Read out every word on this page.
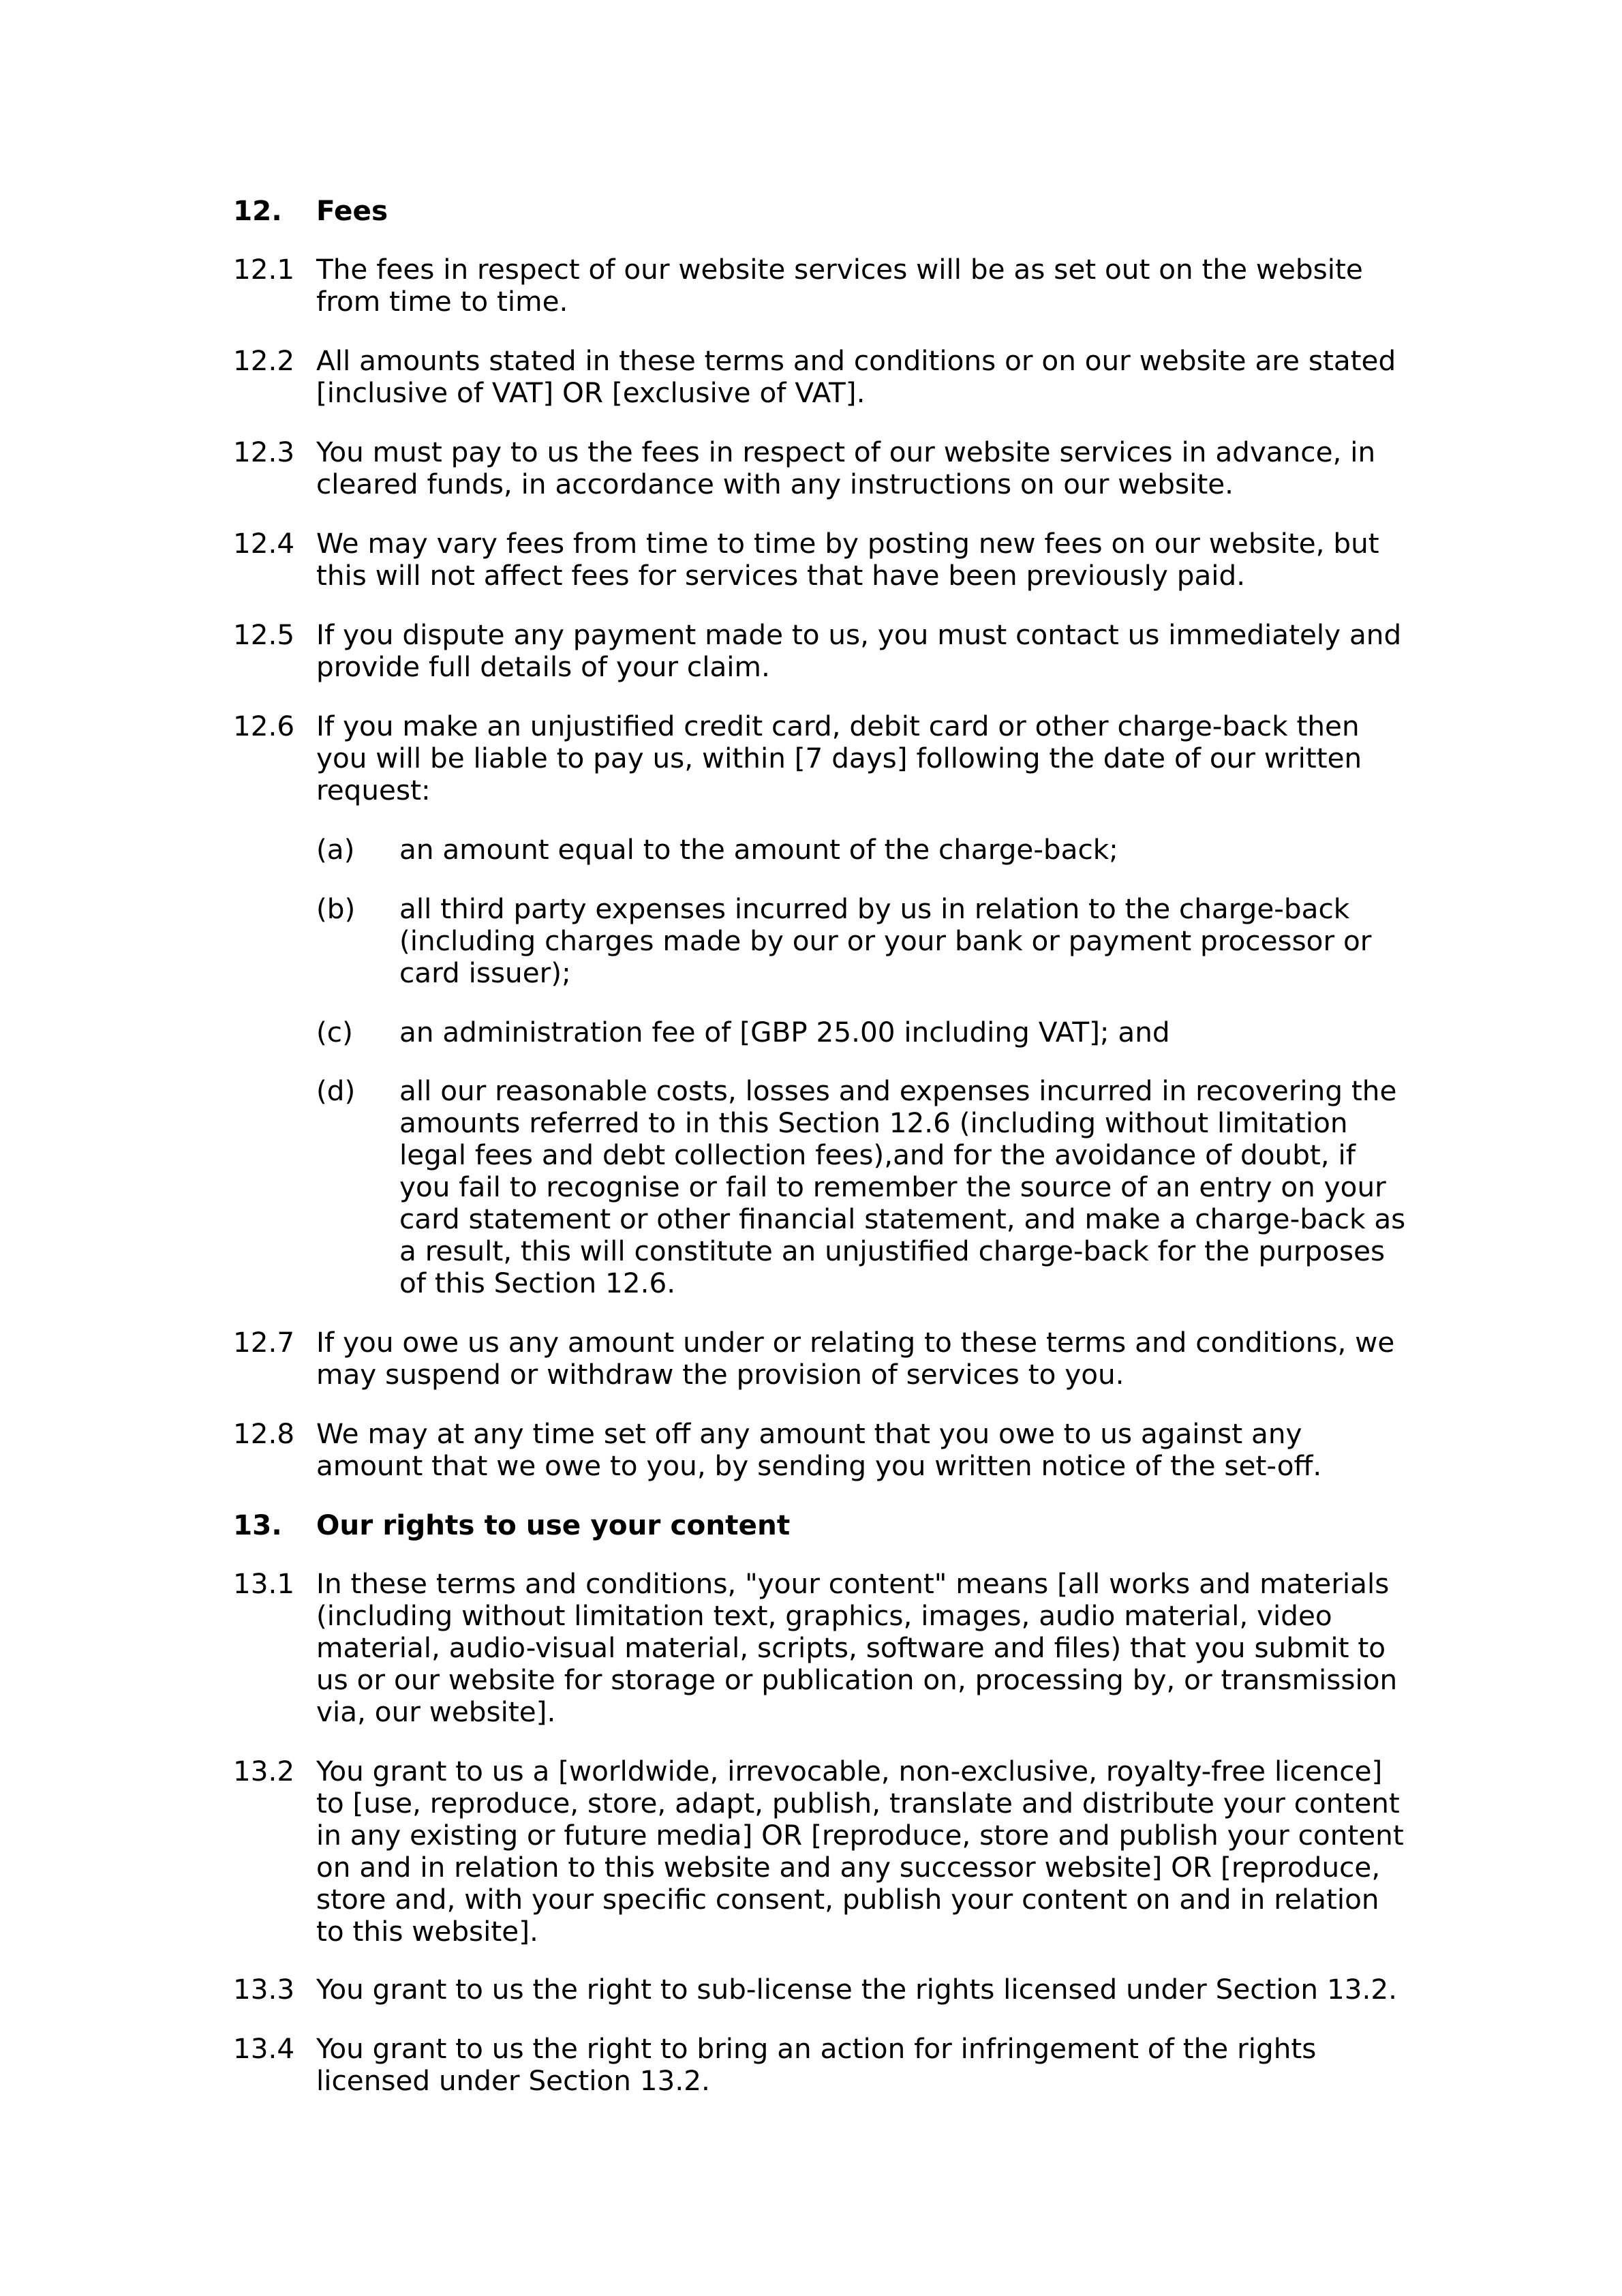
12.	Fees
12.1 The fees in respect of our website services will be as set out on the website
from time to time.
12.2 All amounts stated in these terms and conditions or on our website are stated
[inclusive of VAT] OR [exclusive of VAT].
12.3 You must pay to us the fees in respect of our website services in advance, in
cleared funds, in accordance with any instructions on our website.
12.4 We may vary fees from time to time by posting new fees on our website, but
this will not affect fees for services that have been previously paid.
12.5 If you dispute any payment made to us, you must contact us immediately and
provide full details of your claim.
12.6 If you make an unjustified credit card, debit card or other charge-back then
you will be liable to pay us, within [7 days] following the date of our written
request:
(a)	an amount equal to the amount of the charge-back;
(b)	all third party expenses incurred by us in relation to the charge-back
(including charges made by our or your bank or payment processor or
card issuer);
(c)	an administration fee of [GBP 25.00 including VAT]; and
(d)	all our reasonable costs, losses and expenses incurred in recovering the
amounts referred to in this Section 12.6 (including without limitation
legal fees and debt collection fees),and for the avoidance of doubt, if
you fail to recognise or fail to remember the source of an entry on your
card statement or other financial statement, and make a charge-back as
a result, this will constitute an unjustified charge-back for the purposes
of this Section 12.6.
12.7 If you owe us any amount under or relating to these terms and conditions, we
may suspend or withdraw the provision of services to you.
12.8 We may at any time set off any amount that you owe to us against any
amount that we owe to you, by sending you written notice of the set-off.
13.	Our rights to use your content
13.1 In these terms and conditions, "your content" means [all works and materials
(including without limitation text, graphics, images, audio material, video
material, audio-visual material, scripts, software and files) that you submit to
us or our website for storage or publication on, processing by, or transmission
via, our website].
13.2 You grant to us a [worldwide, irrevocable, non-exclusive, royalty-free licence]
to [use, reproduce, store, adapt, publish, translate and distribute your content
in any existing or future media] OR [reproduce, store and publish your content
on and in relation to this website and any successor website] OR [reproduce,
store and, with your specific consent, publish your content on and in relation
to this website].
13.3 You grant to us the right to sub-license the rights licensed under Section 13.2.
13.4 You grant to us the right to bring an action for infringement of the rights
licensed under Section 13.2.
